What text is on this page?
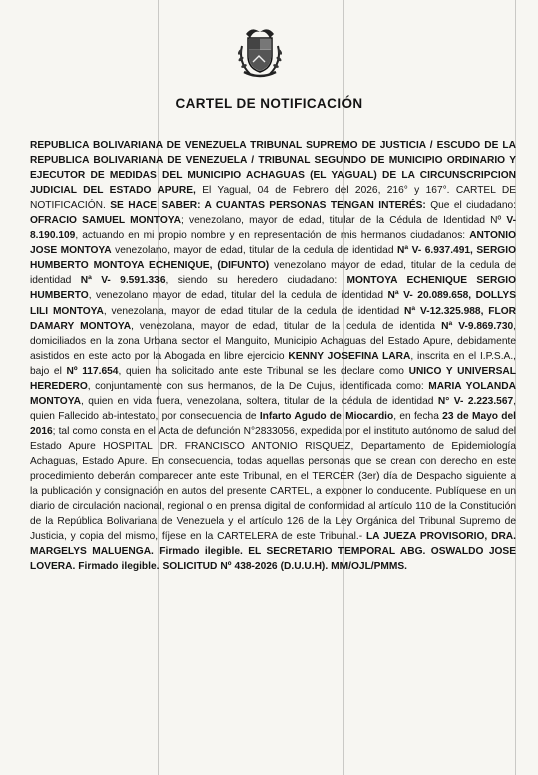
CARTEL DE NOTIFICACIÓN
REPUBLICA BOLIVARIANA DE VENEZUELA TRIBUNAL SUPREMO DE JUSTICIA / ESCUDO DE LA REPUBLICA BOLIVARIANA DE VENEZUELA / TRIBUNAL SEGUNDO DE MUNICIPIO ORDINARIO Y EJECUTOR DE MEDIDAS DEL MUNICIPIO ACHAGUAS (EL YAGUAL) DE LA CIRCUNSCRIPCION JUDICIAL DEL ESTADO APURE, El Yagual, 04 de Febrero del 2026, 216° y 167°. CARTEL DE NOTIFICACIÓN. SE HACE SABER: A CUANTAS PERSONAS TENGAN INTERÉS: Que el ciudadano: OFRACIO SAMUEL MONTOYA; venezolano, mayor de edad, titular de la Cédula de Identidad Nº V- 8.190.109, actuando en mi propio nombre y en representación de mis hermanos ciudadanos: ANTONIO JOSE MONTOYA venezolano, mayor de edad, titular de la cedula de identidad Nª V- 6.937.491, SERGIO HUMBERTO MONTOYA ECHENIQUE, (DIFUNTO) venezolano mayor de edad, titular de la cedula de identidad Nª V- 9.591.336, siendo su heredero ciudadano: MONTOYA ECHENIQUE SERGIO HUMBERTO, venezolano mayor de edad, titular del la cedula de identidad Nª V- 20.089.658, DOLLYS LILI MONTOYA, venezolana, mayor de edad titular de la cedula de identidad Nª V-12.325.988, FLOR DAMARY MONTOYA, venezolana, mayor de edad, titular de la cedula de identida Nª V-9.869.730, domiciliados en la zona Urbana sector el Manguito, Municipio Achaguas del Estado Apure, debidamente asistidos en este acto por la Abogada en libre ejercicio KENNY JOSEFINA LARA, inscrita en el I.P.S.A., bajo el Nº 117.654, quien ha solicitado ante este Tribunal se les declare como UNICO Y UNIVERSAL HEREDERO, conjuntamente con sus hermanos, de la De Cujus, identificada como: MARIA YOLANDA MONTOYA, quien en vida fuera, venezolana, soltera, titular de la cédula de identidad N° V- 2.223.567, quien Fallecido ab-intestato, por consecuencia de Infarto Agudo de Miocardio, en fecha 23 de Mayo del 2016; tal como consta en el Acta de defunción N°2833056, expedida por el instituto autónomo de salud del Estado Apure HOSPITAL DR. FRANCISCO ANTONIO RISQUEZ, Departamento de Epidemiología Achaguas, Estado Apure. En consecuencia, todas aquellas personas que se crean con derecho en este procedimiento deberán comparecer ante este Tribunal, en el TERCER (3er) día de Despacho siguiente a la publicación y consignación en autos del presente CARTEL, a exponer lo conducente. Publíquese en un diario de circulación nacional, regional o en prensa digital de conformidad al artículo 110 de la Constitución de la República Bolivariana de Venezuela y el artículo 126 de la Ley Orgánica del Tribunal Supremo de Justicia, y copia del mismo, fíjese en la CARTELERA de este Tribunal.- LA JUEZA PROVISORIO, DRA. MARGELYS MALUENGA. Firmado ilegible. EL SECRETARIO TEMPORAL ABG. OSWALDO JOSE LOVERA. Firmado ilegible. SOLICITUD Nº 438-2026 (D.U.U.H). MM/OJL/PMMS.
